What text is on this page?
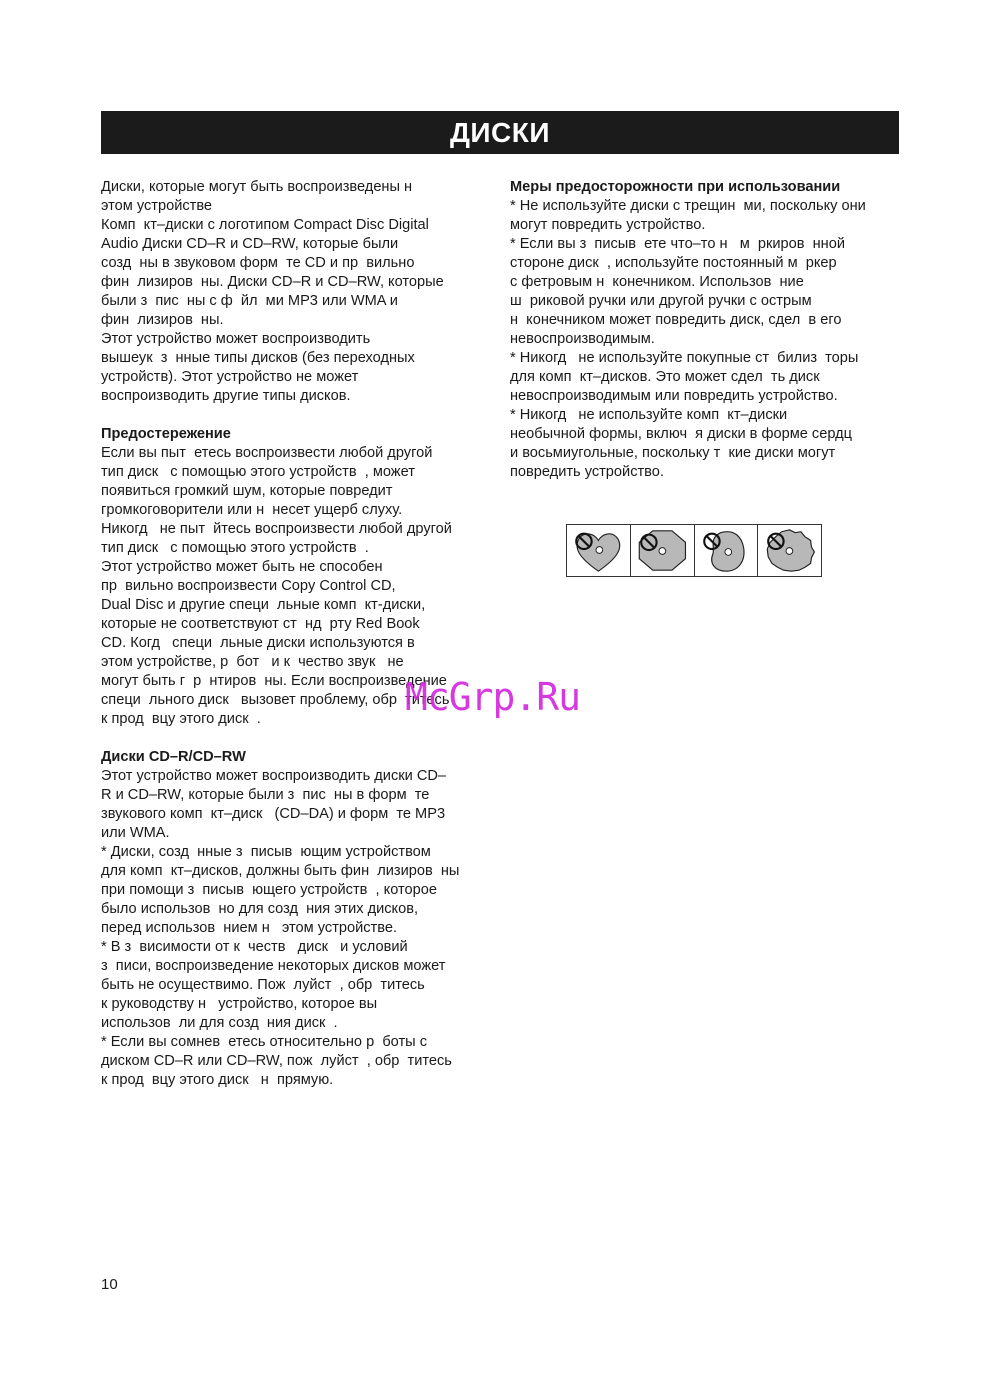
ДИСКИ
Диски, которые могут быть воспроизведены н
этом устройстве
Комп  кт–диски с логотипом Compact Disc Digital
Audio Диски CD–R и CD–RW, которые были
созд  ны в звуковом форм  те CD и пр  вильно
фин  лизиров  ны. Диски CD–R и CD–RW, которые
были з  пис  ны с ф  йл  ми MP3 или WMA и
фин  лизиров  ны.
Этот устройство может воспроизводить
вышеук  з  нные типы дисков (без переходных
устройств). Этот устройство не может
воспроизводить другие типы дисков.
Предостережение
Если вы пыт  етесь воспроизвести любой другой
тип диск   с помощью этого устройств  , может
появиться громкий шум, которые повредит
громкоговорители или н  несет ущерб слуху.
Никогд   не пыт  йтесь воспроизвести любой другой
тип диск   с помощью этого устройств  .
Этот устройство может быть не способен
пр  вильно воспроизвести Copy Control CD,
Dual Disc и другие специ  льные комп  кт-диски,
которые не соответствуют ст  нд  рту Red Book
CD. Когд   специ  льные диски используются в
этом устройстве, р  бот   и к  чество звук   не
могут быть г  р  нтиров  ны. Если воспроизведение
специ  льного диск   вызовет проблему, обр  титесь
к прод  вцу этого диск  .
Диски CD–R/CD–RW
Этот устройство может воспроизводить диски CD–
R и CD–RW, которые были з  пис  ны в форм  те
звукового комп  кт–диск   (CD–DA) и форм  те MP3
или WMA.
* Диски, созд  нные з  писыв  ющим устройством
для комп  кт–дисков, должны быть фин  лизиров  ны
при помощи з  писыв  ющего устройств  , которое
было использов  но для созд  ния этих дисков,
перед использов  нием н   этом устройстве.
* В з  висимости от к  честв   диск   и условий
з  писи, воспроизведение некоторых дисков может
быть не осуществимо. Пож  луйст  , обр  титесь
к руководству н   устройство, которое вы
использов  ли для созд  ния диск  .
* Если вы сомнев  етесь относительно р  боты с
диском CD–R или CD–RW, пож  луйст  , обр  титесь
к прод  вцу этого диск   н  прямую.
Меры предосторожности при использовании
* Не используйте диски с трещин  ми, поскольку они
могут повредить устройство.
* Если вы з  писыв  ете что–то н   м  ркиров  нной
стороне диск  , используйте постоянный м  ркер
с фетровым н  конечником. Использов  ние
ш  риковой ручки или другой ручки с острым
н  конечником может повредить диск, сдел  в его
невоспроизводимым.
* Никогд   не используйте покупные ст  билиз  торы
для комп  кт–дисков. Это может сдел  ть диск
невоспроизводимым или повредить устройство.
* Никогд   не используйте комп  кт–диски
необычной формы, включ  я диски в форме сердц
и восьмиугольные, поскольку т  кие диски могут
повредить устройство.
McGrp.Ru
10
